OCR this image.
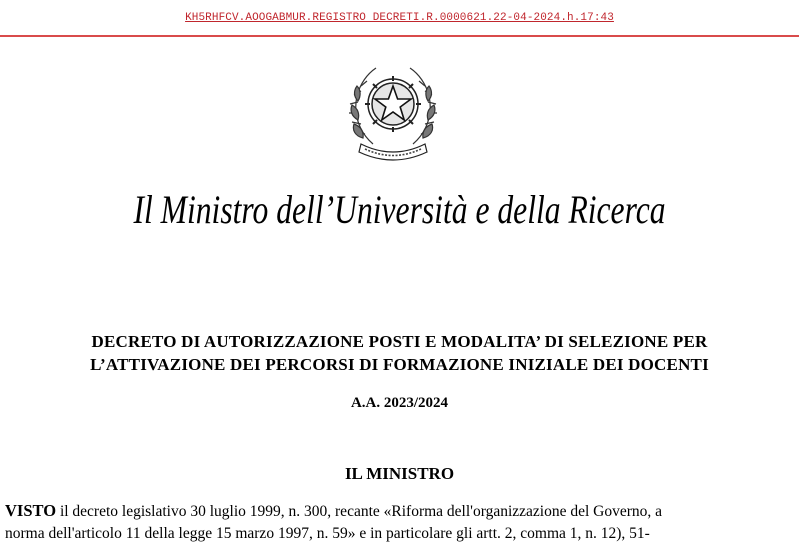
KH5RHFCV.AOOGABMUR.REGISTRO DECRETI.R.0000621.22-04-2024.h.17:43
Il Ministro dell’Università e della Ricerca
DECRETO DI AUTORIZZAZIONE POSTI E MODALITA’ DI SELEZIONE PER
L’ATTIVAZIONE DEI PERCORSI DI FORMAZIONE INIZIALE DEI DOCENTI
A.A. 2023/2024
IL MINISTRO
VISTO il decreto legislativo 30 luglio 1999, n. 300, recante «Riforma dell'organizzazione del Governo, a
norma dell'articolo 11 della legge 15 marzo 1997, n. 59» e in particolare gli artt. 2, comma 1, n. 12), 51-
